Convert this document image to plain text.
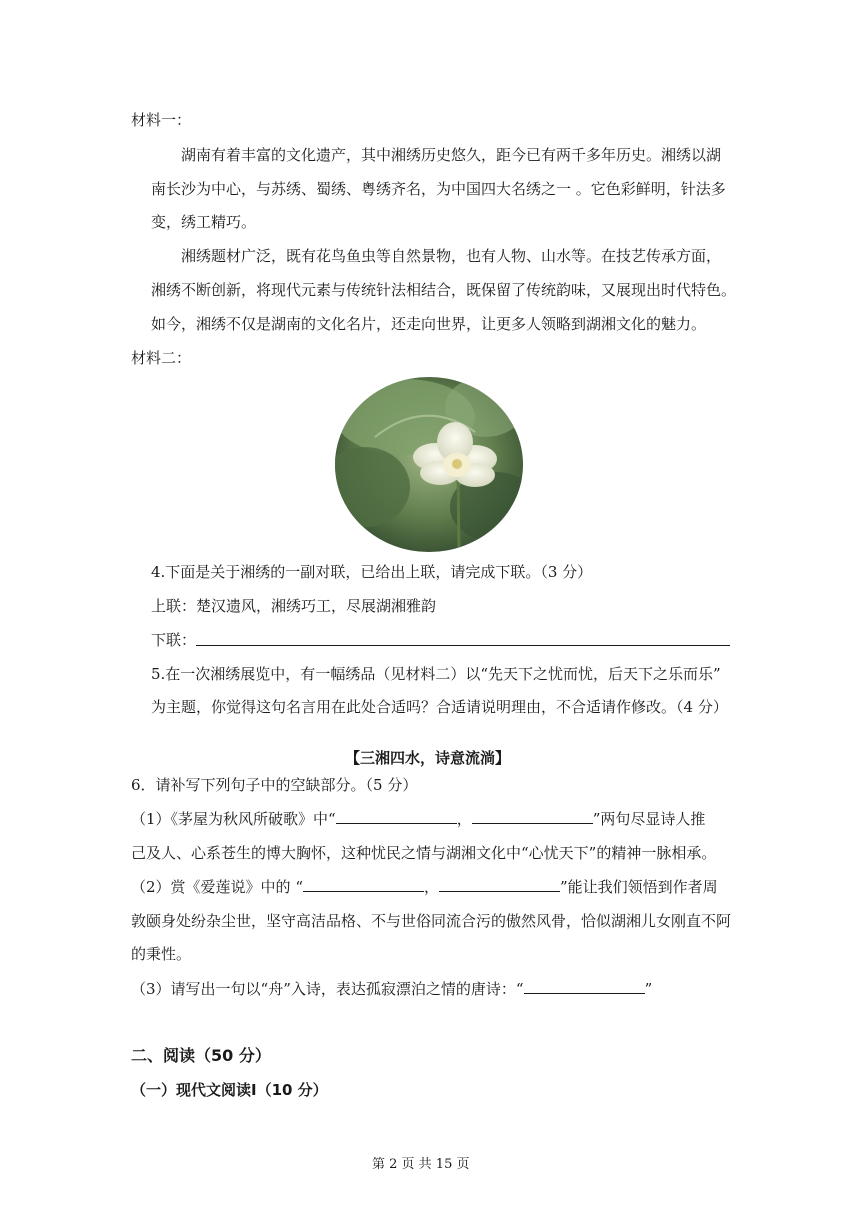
材料一：
湖南有着丰富的文化遗产，其中湘绣历史悠久，距今已有两千多年历史。湘绣以湖
南长沙为中心，与苏绣、蜀绣、粤绣齐名，为中国四大名绣之一 。它色彩鲜明，针法多
变，绣工精巧。
湘绣题材广泛，既有花鸟鱼虫等自然景物，也有人物、山水等。在技艺传承方面，
湘绣不断创新，将现代元素与传统针法相结合，既保留了传统韵味，又展现出时代特色。
如今，湘绣不仅是湖南的文化名片，还走向世界，让更多人领略到湖湘文化的魅力。
材料二：
4.下面是关于湘绣的一副对联，已给出上联，请完成下联。（3 分）
上联：楚汉遗风，湘绣巧工，尽展湖湘雅韵
下联：
5.在一次湘绣展览中，有一幅绣品（见材料二）以“先天下之忧而忧，后天下之乐而乐”
为主题，你觉得这句名言用在此处合适吗？合适请说明理由，不合适请作修改。（4 分）
【三湘四水，诗意流淌】
6．请补写下列句子中的空缺部分。（5 分）
（1）《茅屋为秋风所破歌》中“	，	”两句尽显诗人推
己及人、心系苍生的博大胸怀，这种忧民之情与湖湘文化中“心忧天下”的精神一脉相承。
（2）赏《爱莲说》中的 “	，	”能让我们领悟到作者周
敦颐身处纷杂尘世，坚守高洁品格、不与世俗同流合污的傲然风骨，恰似湖湘儿女刚直不阿
的秉性。
（3）请写出一句以“舟”入诗，表达孤寂漂泊之情的唐诗：“	”
二、阅读（50 分）
（一）现代文阅读Ⅰ（10 分）
第 2 页 共 15 页
